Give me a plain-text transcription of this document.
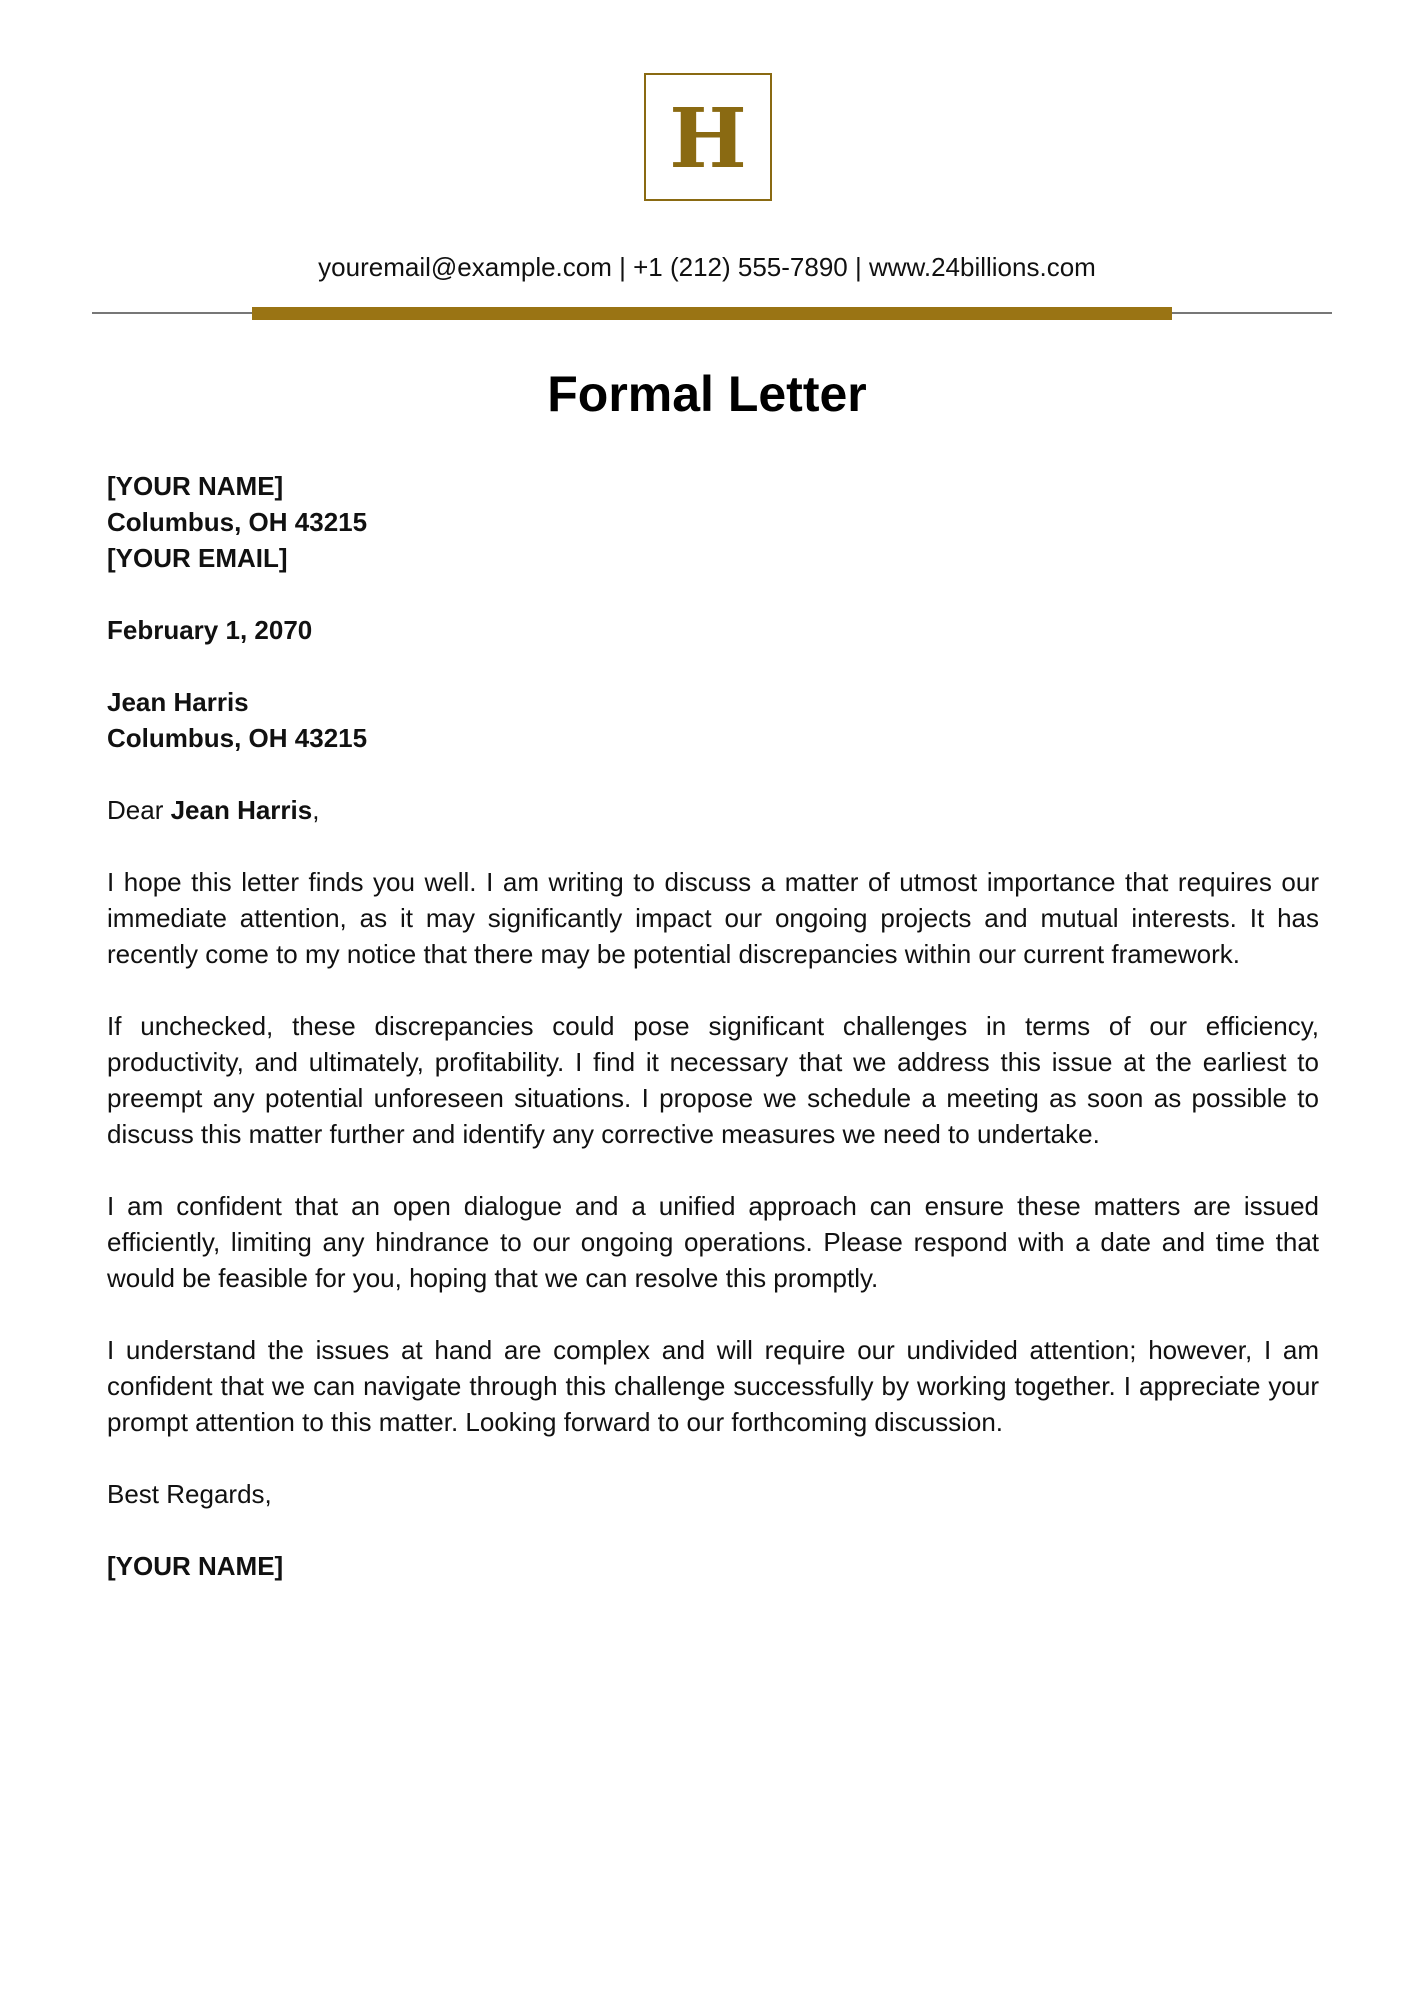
H
youremail@example.com | +1 (212) 555-7890 | www.24billions.com
Formal Letter
[YOUR NAME]
Columbus, OH 43215
[YOUR EMAIL]
February 1, 2070
Jean Harris
Columbus, OH 43215
Dear Jean Harris,

I hope this letter finds you well. I am writing to discuss a matter of utmost importance that requires our immediate attention, as it may significantly impact our ongoing projects and mutual interests. It has recently come to my notice that there may be potential discrepancies within our current framework.

If unchecked, these discrepancies could pose significant challenges in terms of our efficiency, productivity, and ultimately, profitability. I find it necessary that we address this issue at the earliest to preempt any potential unforeseen situations. I propose we schedule a meeting as soon as possible to discuss this matter further and identify any corrective measures we need to undertake.

I am confident that an open dialogue and a unified approach can ensure these matters are issued efficiently, limiting any hindrance to our ongoing operations. Please respond with a date and time that would be feasible for you, hoping that we can resolve this promptly.

I understand the issues at hand are complex and will require our undivided attention; however, I am confident that we can navigate through this challenge successfully by working together. I appreciate your prompt attention to this matter. Looking forward to our forthcoming discussion.

Best Regards,
[YOUR NAME]
